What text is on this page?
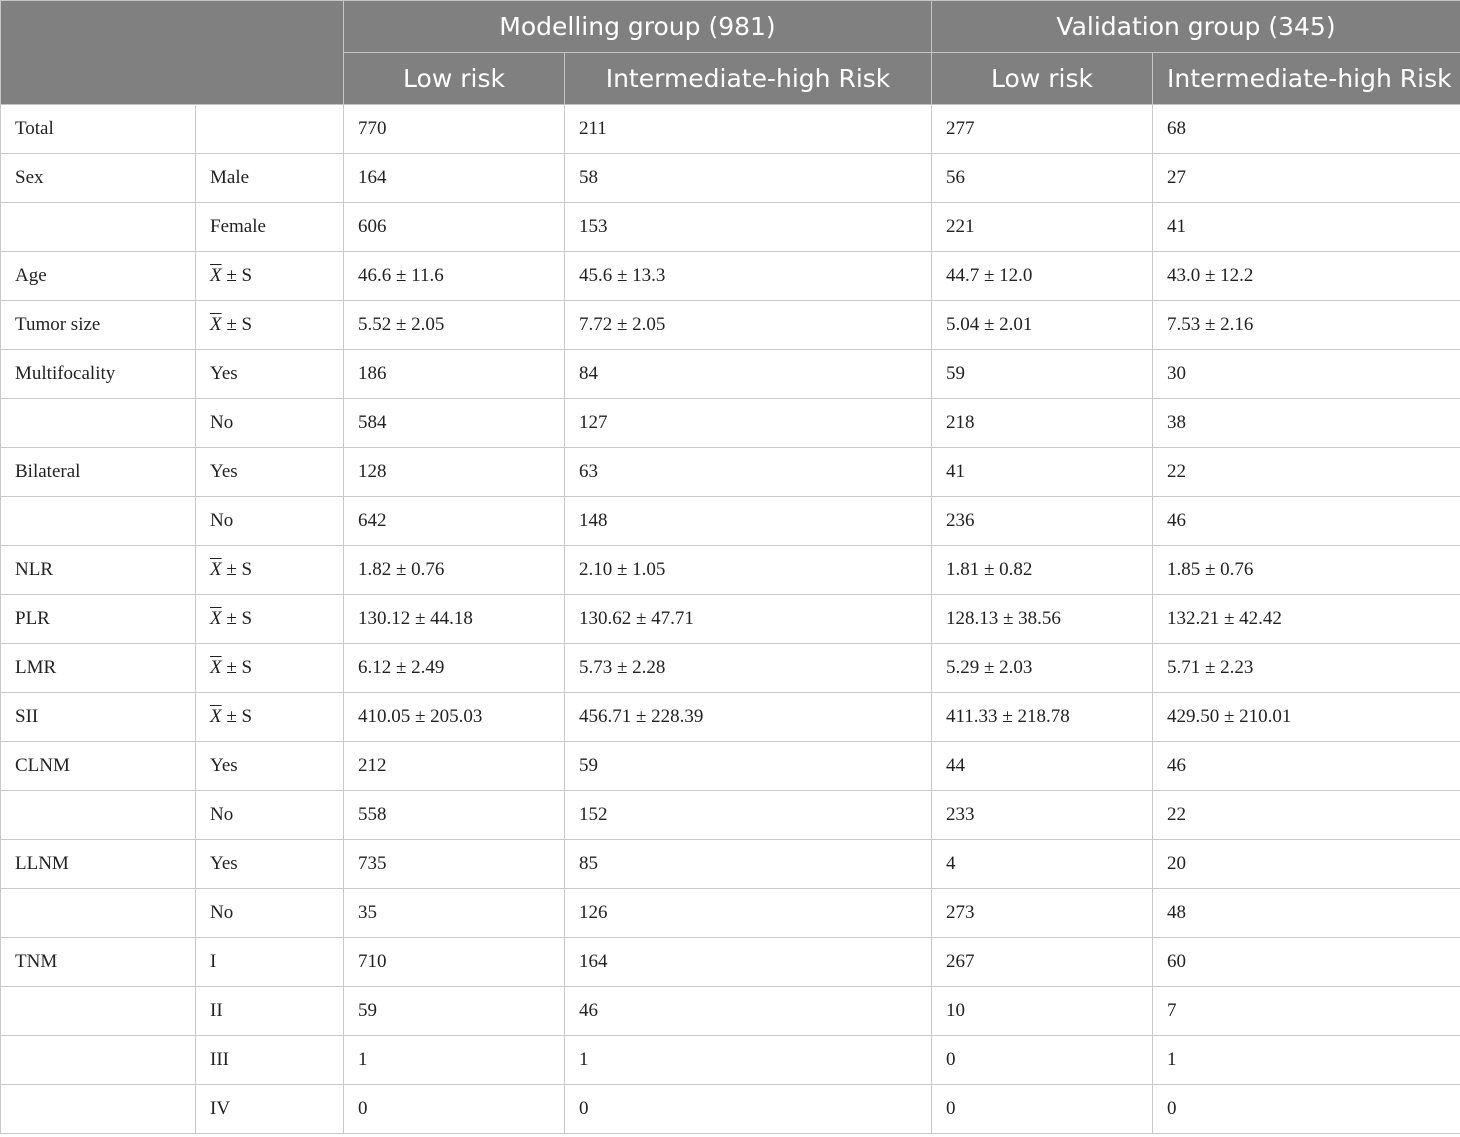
		Modelling group (981)		Validation group (345)	
		Low risk	Intermediate-high Risk	Low risk	Intermediate-high Risk
Total		770	211	277	68
Sex	Male	164	58	56	27
	Female	606	153	221	41
Age	$\overline{X} \pm S$	46.6 ± 11.6	45.6 ± 13.3	44.7 ± 12.0	43.0 ± 12.2
Tumor size	$\overline{X} \pm S$	5.52 ± 2.05	7.72 ± 2.05	5.04 ± 2.01	7.53 ± 2.16
Multifocality	Yes	186	84	59	30
	No	584	127	218	38
Bilateral	Yes	128	63	41	22
	No	642	148	236	46
NLR	$\overline{X} \pm S$	1.82 ± 0.76	2.10 ± 1.05	1.81 ± 0.82	1.85 ± 0.76
PLR	$\overline{X} \pm S$	130.12 ± 44.18	130.62 ± 47.71	128.13 ± 38.56	132.21 ± 42.42
LMR	$\overline{X} \pm S$	6.12 ± 2.49	5.73 ± 2.28	5.29 ± 2.03	5.71 ± 2.23
SII	$\overline{X} \pm S$	410.05 ± 205.03	456.71 ± 228.39	411.33 ± 218.78	429.50 ± 210.01
CLNM	Yes	212	59	44	46
	No	558	152	233	22
LLNM	Yes	735	85	4	20
	No	35	126	273	48
TNM	I	710	164	267	60
	II	59	46	10	7
	III	1	1	0	1
	IV	0	0	0	0
